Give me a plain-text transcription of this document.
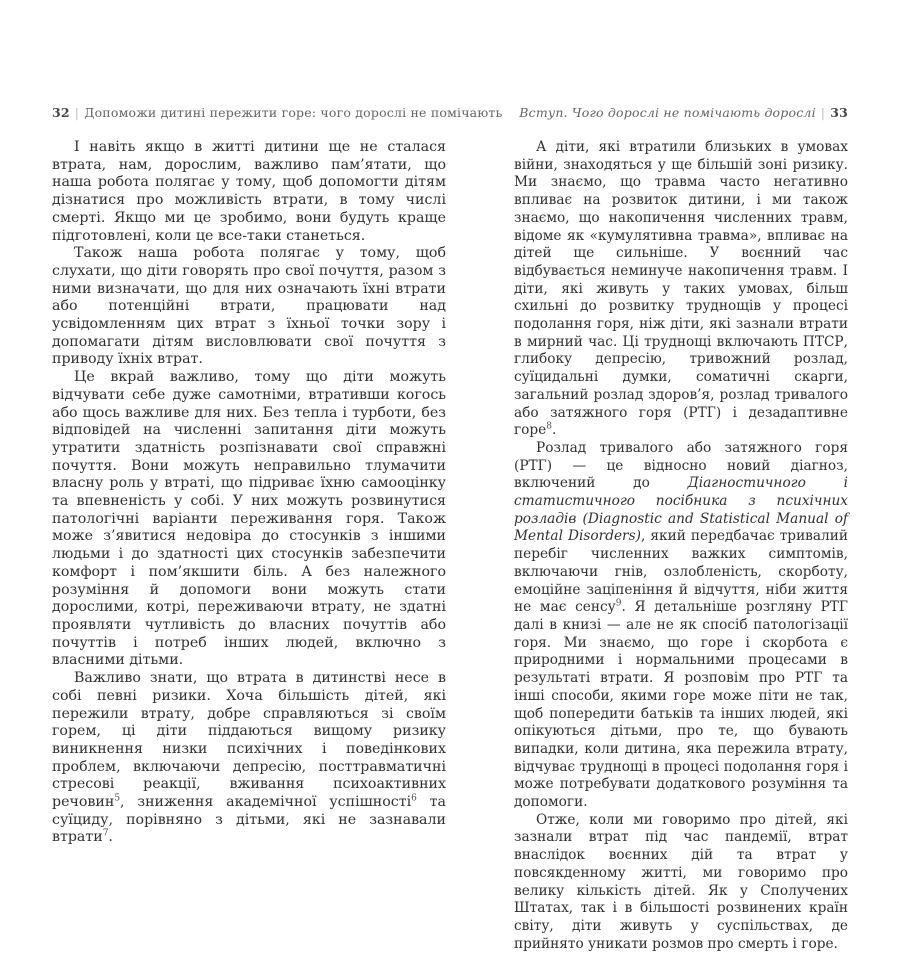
32 | Допоможи дитині пережити горе: чого дорослі не помічають

І навіть якщо в житті дитини ще не сталася втрата, нам, дорослим, важливо пам’ятати, що наша робота полягає у тому, щоб допомогти дітям дізнатися про можливість втрати, в тому числі смерті. Якщо ми це зробимо, вони будуть краще підготовлені, коли це все-таки станеться.

Також наша робота полягає у тому, щоб слухати, що діти говорять про свої почуття, разом з ними визначати, що для них означають їхні втрати або потенційні втрати, працювати над усвідомленням цих втрат з їхньої точки зору і допомагати дітям висловлювати свої почуття з приводу їхніх втрат.

Це вкрай важливо, тому що діти можуть відчувати себе дуже самотніми, втративши когось або щось важливе для них. Без тепла і турботи, без відповідей на численні запитання діти можуть утратити здатність розпізнавати свої справжні почуття. Вони можуть неправильно тлумачити власну роль у втраті, що підриває їхню самооцінку та впевненість у собі. У них можуть розвинутися патологічні варіанти переживання горя. Також може з’явитися недовіра до стосунків з іншими людьми і до здатності цих стосунків забезпечити комфорт і пом’якшити біль. А без належного розуміння й допомоги вони можуть стати дорослими, котрі, переживаючи втрату, не здатні проявляти чутливість до власних почуттів або почуттів і потреб інших людей, включно з власними дітьми.

Важливо знати, що втрата в дитинстві несе в собі певні ризики. Хоча більшість дітей, які пережили втрату, добре справляються зі своїм горем, ці діти піддаються вищому ризику виникнення низки психічних і поведінкових проблем, включаючи депресію, посттравматичні стресові реакції, вживання психоактивних речовин$^5$, зниження академічної успішності$^6$ та суїциду, порівняно з дітьми, які не зазнавали втрати$^7$.

Вступ. Чого дорослі не помічають дорослі | 33

А діти, які втратили близьких в умовах війни, знаходяться у ще більшій зоні ризику. Ми знаємо, що травма часто негативно впливає на розвиток дитини, і ми також знаємо, що накопичення численних травм, відоме як «кумулятивна травма», впливає на дітей ще сильніше. У воєнний час відбувається неминуче накопичення травм. І діти, які живуть у таких умовах, більш схильні до розвитку труднощів у процесі подолання горя, ніж діти, які зазнали втрати в мирний час. Ці труднощі включають ПТСР, глибоку депресію, тривожний розлад, суїцидальні думки, соматичні скарги, загальний розлад здоров’я, розлад тривалого або затяжного горя (РТГ) і дезадаптивне горе$^8$.

Розлад тривалого або затяжного горя (РТГ) — це відносно новий діагноз, включений до Діагностичного і статистичного посібника з психічних розладів (Diagnostic and Statistical Manual of Mental Disorders), який передбачає тривалий перебіг численних важких симптомів, включаючи гнів, озлобленість, скорботу, емоційне заціпеніння й відчуття, ніби життя не має сенсу$^9$. Я детальніше розгляну РТГ далі в книзі — але не як спосіб патологізації горя. Ми знаємо, що горе і скорбота є природними і нормальними процесами в результаті втрати. Я розповім про РТГ та інші способи, якими горе може піти не так, щоб попередити батьків та інших людей, які опікуються дітьми, про те, що бувають випадки, коли дитина, яка пережила втрату, відчуває труднощі в процесі подолання горя і може потребувати додаткового розуміння та допомоги.

Отже, коли ми говоримо про дітей, які зазнали втрат під час пандемії, втрат внаслідок воєнних дій та втрат у повсякденному житті, ми говоримо про велику кількість дітей. Як у Сполучених Штатах, так і в більшості розвинених країн світу, діти живуть у суспільствах, де прийнято уникати розмов про смерть і горе.
